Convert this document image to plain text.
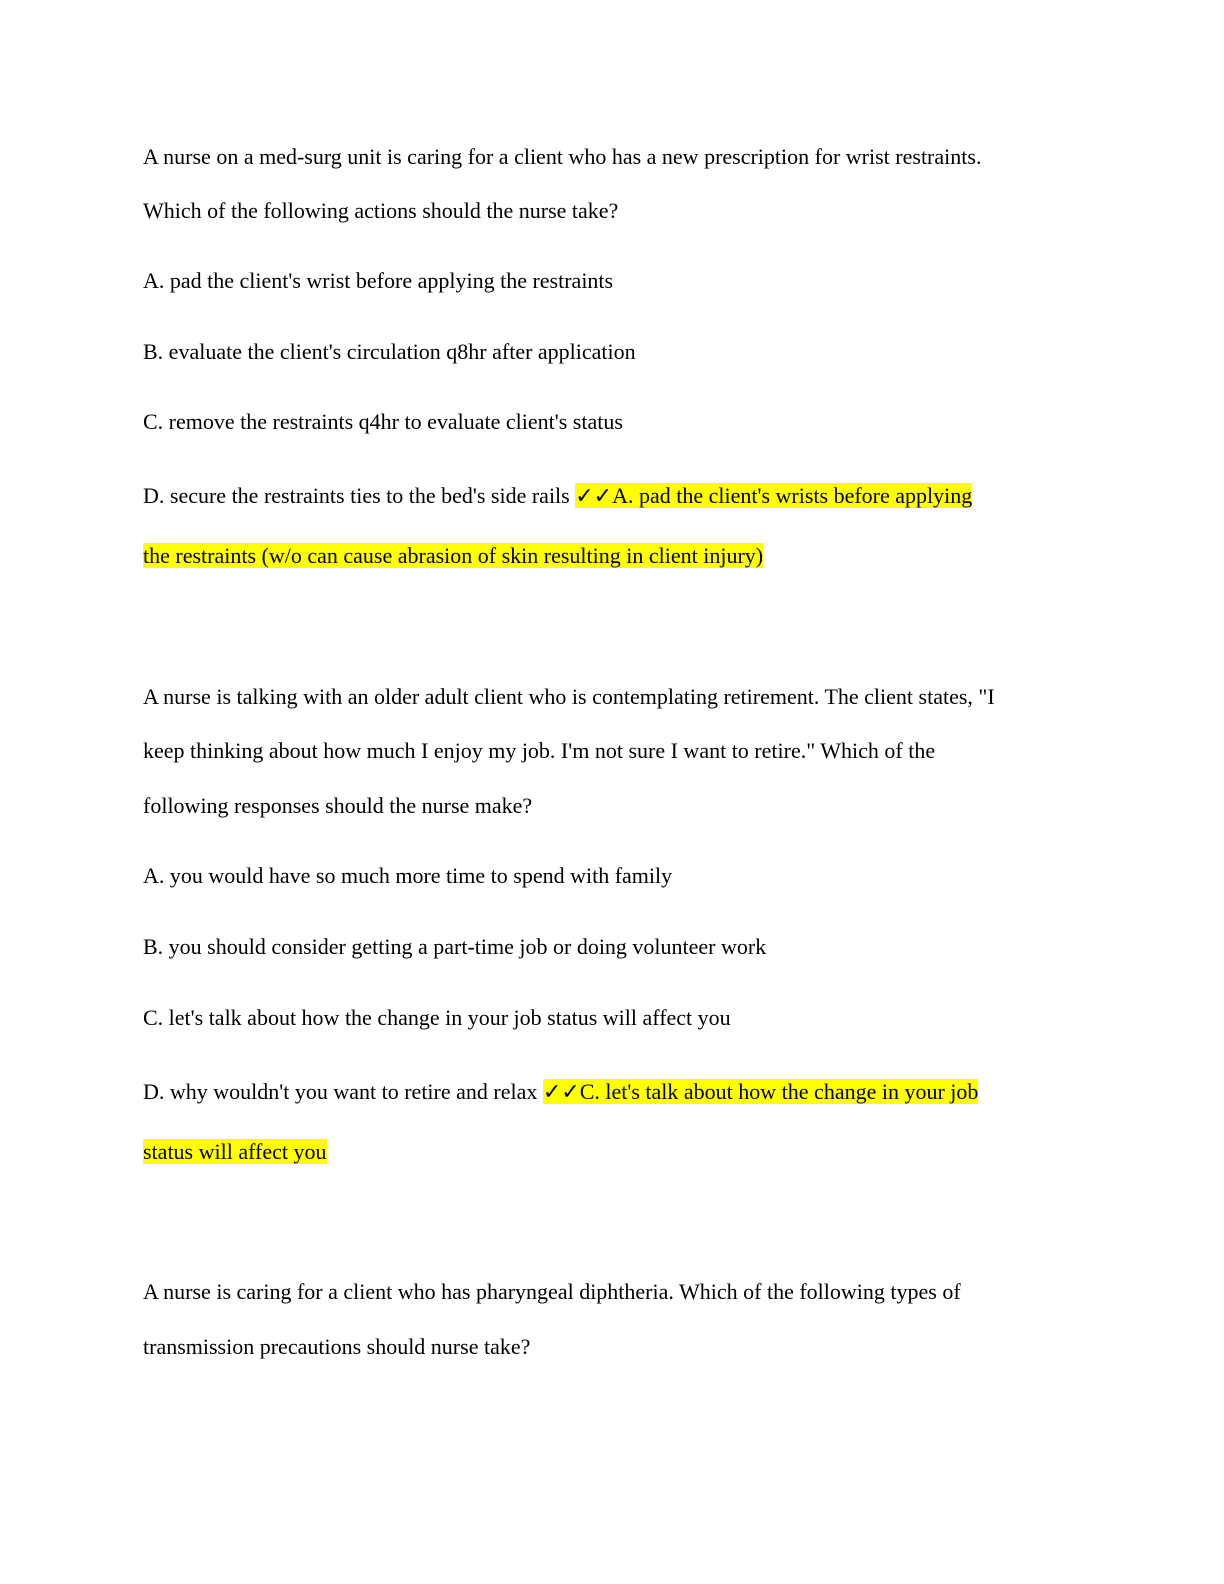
A nurse on a med-surg unit is caring for a client who has a new prescription for wrist restraints.
Which of the following actions should the nurse take?
A. pad the client's wrist before applying the restraints
B. evaluate the client's circulation q8hr after application
C. remove the restraints q4hr to evaluate client's status
D. secure the restraints ties to the bed's side rails ✓✓A. pad the client's wrists before applying
the restraints (w/o can cause abrasion of skin resulting in client injury)
A nurse is talking with an older adult client who is contemplating retirement. The client states, "I
keep thinking about how much I enjoy my job. I'm not sure I want to retire." Which of the
following responses should the nurse make?
A. you would have so much more time to spend with family
B. you should consider getting a part-time job or doing volunteer work
C. let's talk about how the change in your job status will affect you
D. why wouldn't you want to retire and relax ✓✓C. let's talk about how the change in your job
status will affect you
A nurse is caring for a client who has pharyngeal diphtheria. Which of the following types of
transmission precautions should nurse take?
